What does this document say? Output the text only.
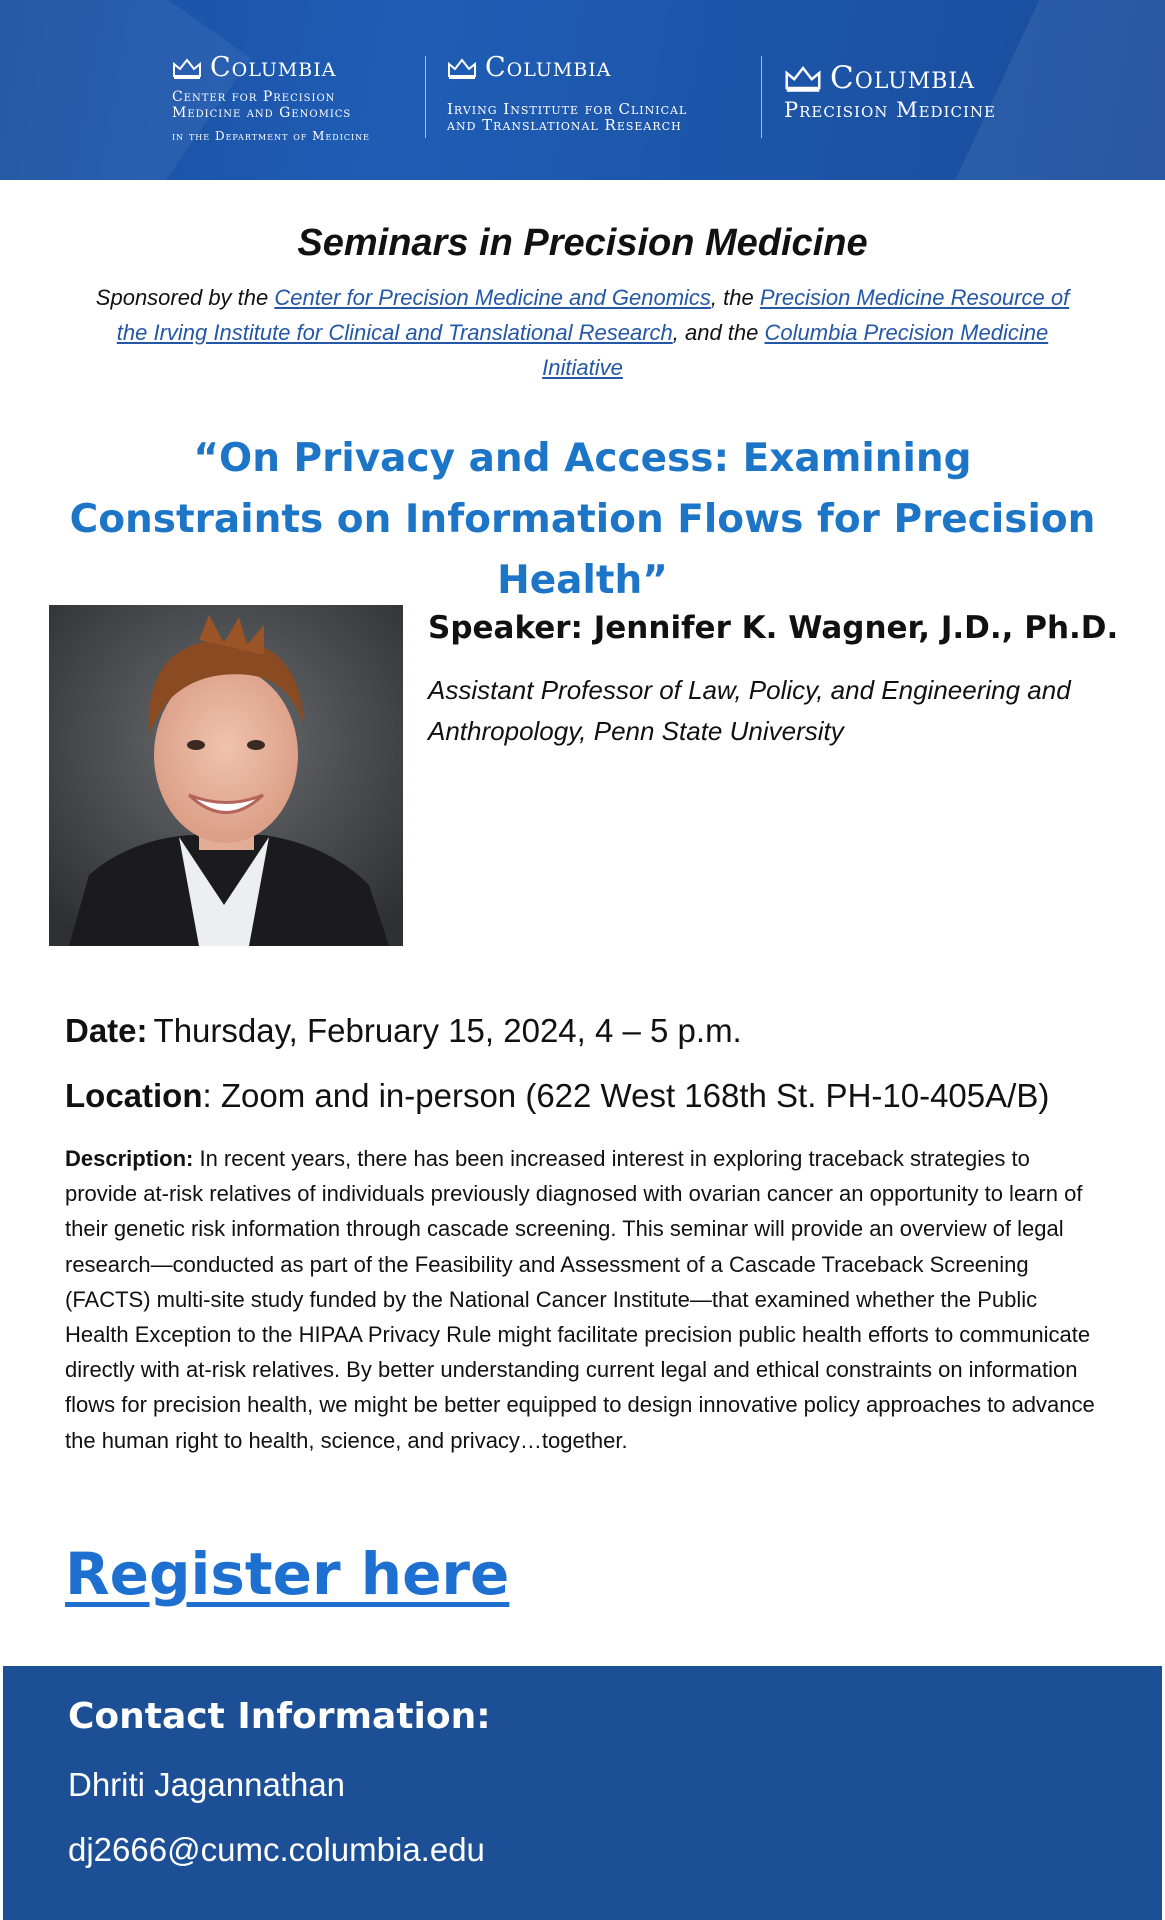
Columbia
Center for Precision
Medicine and Genomics
in the Department of Medicine
Columbia
Irving Institute for Clinical
and Translational Research
Columbia
Precision Medicine
Seminars in Precision Medicine
Sponsored by the Center for Precision Medicine and Genomics, the Precision Medicine Resource of the Irving Institute for Clinical and Translational Research, and the Columbia Precision Medicine Initiative
“On Privacy and Access: Examining Constraints on Information Flows for Precision Health”
Speaker: Jennifer K. Wagner, J.D., Ph.D.
Assistant Professor of Law, Policy, and Engineering and Anthropology, Penn State University
Date: Thursday, February 15, 2024, 4 – 5 p.m.
Location: Zoom and in-person (622 West 168th St. PH-10-405A/B)
Description: In recent years, there has been increased interest in exploring traceback strategies to provide at-risk relatives of individuals previously diagnosed with ovarian cancer an opportunity to learn of their genetic risk information through cascade screening. This seminar will provide an overview of legal research—conducted as part of the Feasibility and Assessment of a Cascade Traceback Screening (FACTS) multi-site study funded by the National Cancer Institute—that examined whether the Public Health Exception to the HIPAA Privacy Rule might facilitate precision public health efforts to communicate directly with at-risk relatives. By better understanding current legal and ethical constraints on information flows for precision health, we might be better equipped to design innovative policy approaches to advance the human right to health, science, and privacy…together.
Register here
Contact Information:
Dhriti Jagannathan
dj2666@cumc.columbia.edu
